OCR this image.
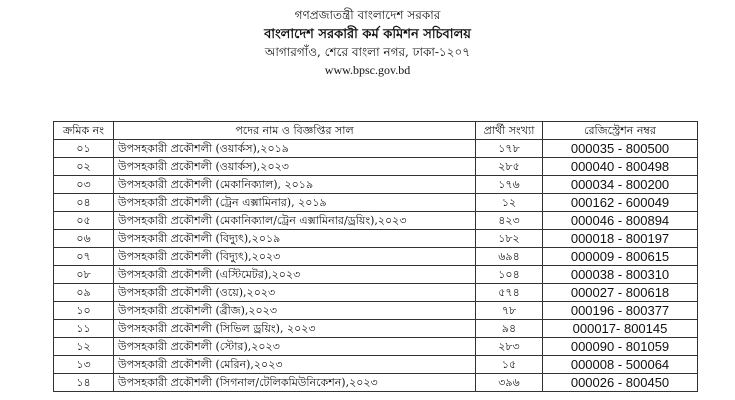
গণপ্রজাতন্ত্রী বাংলাদেশ সরকার
বাংলাদেশ সরকারী কর্ম কমিশন সচিবালয়
আগারগাঁও, শেরে বাংলা নগর, ঢাকা-১২০৭
www.bpsc.gov.bd
ক্রমিক নং	পদের নাম ও বিজ্ঞপ্তির সাল	প্রার্থী সংখ্যা	রেজিস্ট্রেশন নম্বর
০১	উপসহকারী প্রকৌশলী (ওয়ার্কস),২০১৯	১৭৮	000035 - 800500
০২	উপসহকারী প্রকৌশলী (ওয়ার্কস),২০২৩	২৮৫	000040 - 800498
০৩	উপসহকারী প্রকৌশলী (মেকানিক্যাল), ২০১৯	১৭৬	000034 - 800200
০৪	উপসহকারী প্রকৌশলী (ট্রেন এক্সামিনার), ২০১৯	১২	000162 - 600049
০৫	উপসহকারী প্রকৌশলী (মেকানিক্যাল/ট্রেন এক্সামিনার/ড্রয়িং),২০২৩	৪২৩	000046 - 800894
০৬	উপসহকারী প্রকৌশলী (বিদ্যুৎ),২০১৯	১৮২	000018 - 800197
০৭	উপসহকারী প্রকৌশলী (বিদ্যুৎ),২০২৩	৬৯৪	000009 - 800615
০৮	উপসহকারী প্রকৌশলী (এস্টিমেটর),২০২৩	১০৪	000038 - 800310
০৯	উপসহকারী প্রকৌশলী (ওয়ে),২০২৩	৫৭৪	000027 - 800618
১০	উপসহকারী প্রকৌশলী (ব্রীজ),২০২৩	৭৮	000196 - 800377
১১	উপসহকারী প্রকৌশলী (সিভিল ড্রয়িং), ২০২৩	৯৪	000017- 800145
১২	উপসহকারী প্রকৌশলী (স্টোর),২০২৩	২৮৩	000090 - 801059
১৩	উপসহকারী প্রকৌশলী (মেরিন),২০২৩	১৫	000008 - 500064
১৪	উপসহকারী প্রকৌশলী (সিগনাল/টেলিকমিউনিকেশন),২০২৩	৩৯৬	000026 - 800450
